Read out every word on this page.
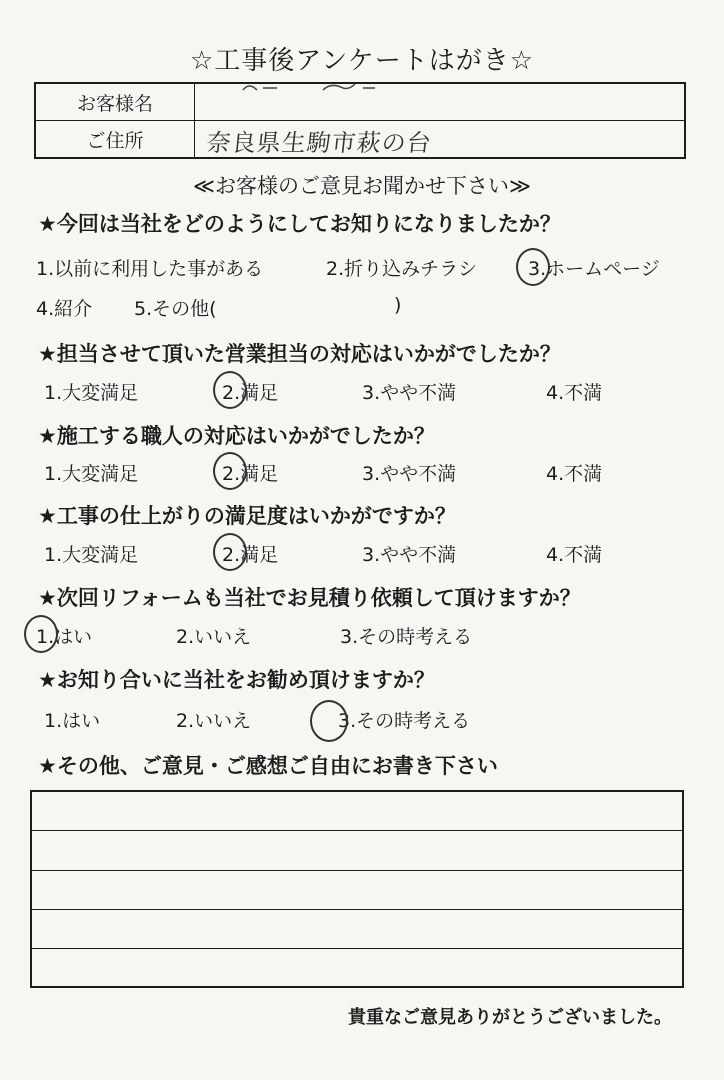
☆工事後アンケートはがき☆
お客様名	

ご住所	奈良県生駒市萩の台
≪お客様のご意見お聞かせ下さい≫
★今回は当社をどのようにしてお知りになりましたか？
1.以前に利用した事がある	2.折り込みチラシ	3.ホームページ
4.紹介 5.その他(	)
★担当させて頂いた営業担当の対応はいかがでしたか？
1.大変満足	2.満足	3.やや不満	4.不満
★施工する職人の対応はいかがでしたか？
1.大変満足	2.満足	3.やや不満	4.不満
★工事の仕上がりの満足度はいかがですか？
1.大変満足	2.満足	3.やや不満	4.不満
★次回リフォームも当社でお見積り依頼して頂けますか？
1.はい	2.いいえ	3.その時考える
★お知り合いに当社をお勧め頂けますか？
1.はい	2.いいえ	3.その時考える
★その他、ご意見・ご感想ご自由にお書き下さい
貴重なご意見ありがとうございました。
